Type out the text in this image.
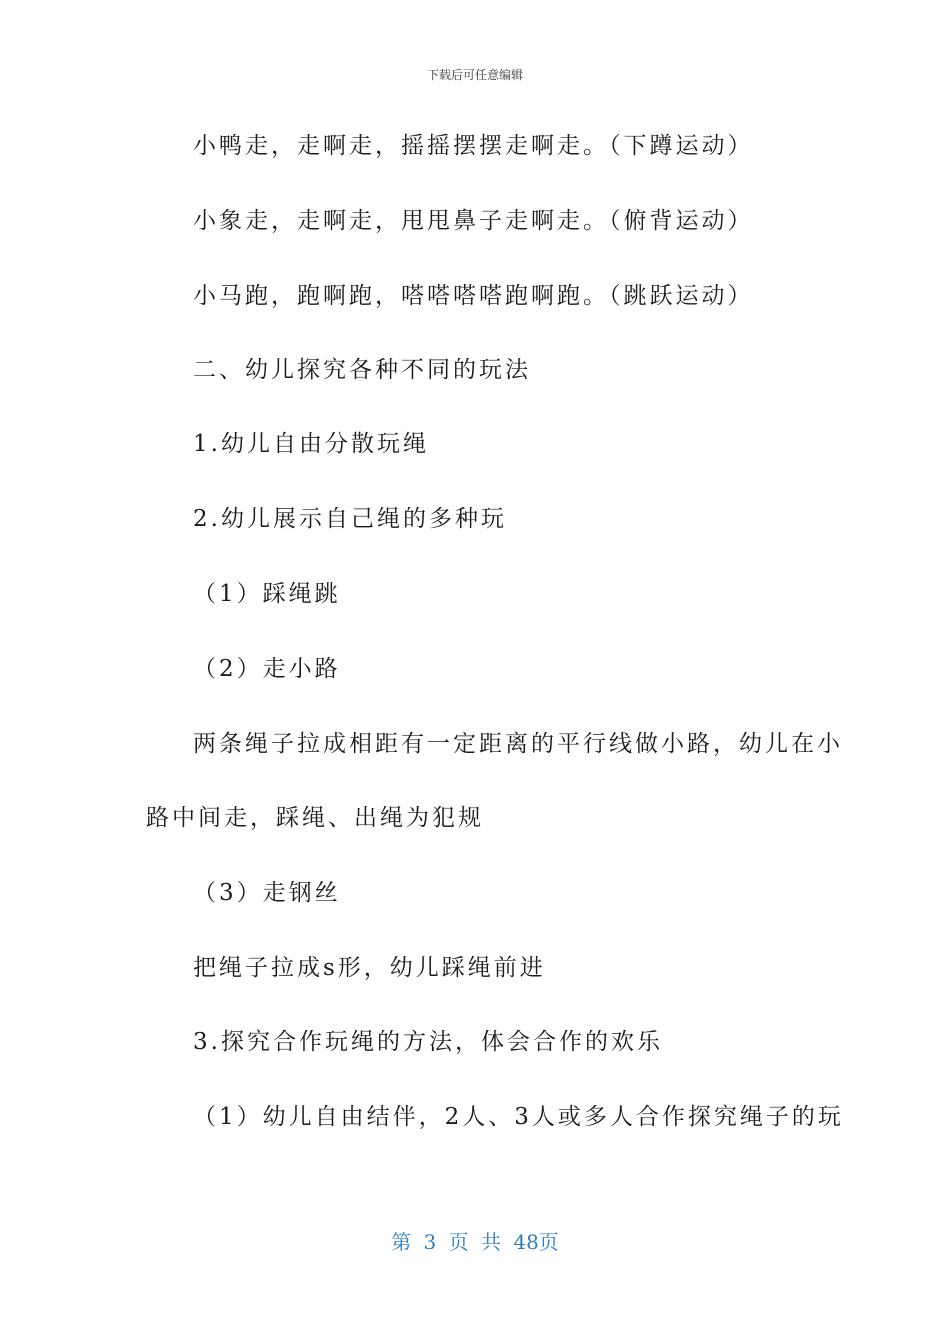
下载后可任意编辑
小鸭走，走啊走，摇摇摆摆走啊走。（下蹲运动）
小象走，走啊走，甩甩鼻子走啊走。（俯背运动）
小马跑，跑啊跑，嗒嗒嗒嗒跑啊跑。（跳跃运动）
二、幼儿探究各种不同的玩法
1.幼儿自由分散玩绳
2.幼儿展示自己绳的多种玩
（1）踩绳跳
（2）走小路
两条绳子拉成相距有一定距离的平行线做小路，幼儿在小
路中间走，踩绳、出绳为犯规
（3）走钢丝
把绳子拉成s形，幼儿踩绳前进
3.探究合作玩绳的方法，体会合作的欢乐
（1）幼儿自由结伴，2人、3人或多人合作探究绳子的玩
第 3 页 共 48页
